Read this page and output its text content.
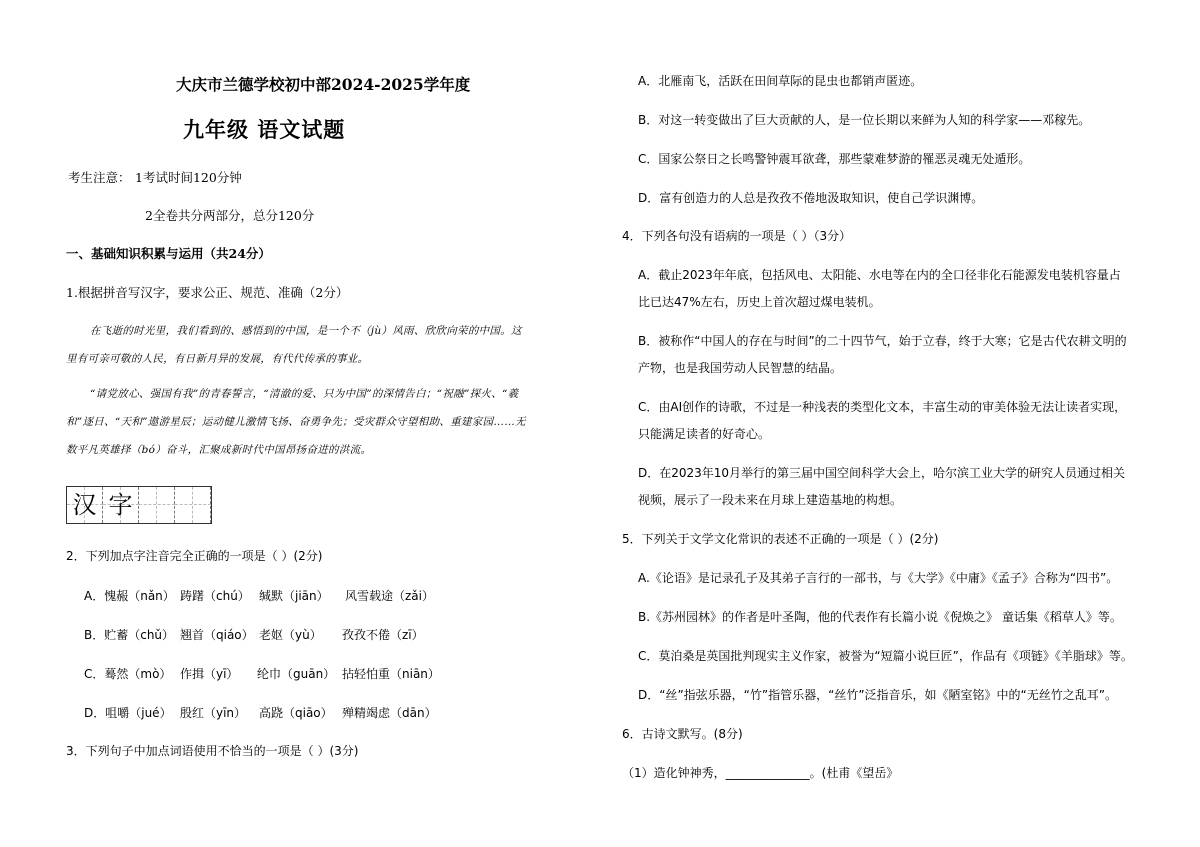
大庆市兰德学校初中部2024-2025学年度
九年级 语文试题
考生注意： 1考试时间120分钟
2全卷共分两部分，总分120分
一、基础知识积累与运用（共24分）
1.根据拼音写汉字，要求公正、规范、准确（2分）
在飞逝的时光里，我们看到的、感悟到的中国，是一个不（jù）风雨、欣欣向荣的中国。这
里有可亲可敬的人民，有日新月异的发展，有代代传承的事业。
“请党放心、强国有我”的青春誓言，“清澈的爱、只为中国”的深情告白；“祝融”探火、“羲
和”逐日、“天和”遨游星辰；运动健儿激情飞扬、奋勇争先；受灾群众守望相助、重建家园……无
数平凡英雄择（bó）奋斗，汇聚成新时代中国昂扬奋进的洪流。
汉 字
2．下列加点字注音完全正确的一项是（ ）(2分)
A．愧赧（nǎn） 踌躇（chú） 缄默（jiān） 风雪载途（zǎi）
B．贮蓄（chǔ） 翘首（qiáo） 老妪（yù） 孜孜不倦（zī）
C．蓦然（mò） 作揖（yī） 纶巾（guān） 拈轻怕重（niān）
D．咀嚼（jué） 殷红（yīn） 高跷（qiāo） 殚精竭虑（dān）
3．下列句子中加点词语使用不恰当的一项是（ ）(3分)
A．北雁南飞，活跃在田间草际的昆虫也都销声匿迹。
B．对这一转变做出了巨大贡献的人，是一位长期以来鲜为人知的科学家——邓稼先。
C．国家公祭日之长鸣警钟震耳欲聋，那些蒙难梦游的罹恶灵魂无处遁形。
D．富有创造力的人总是孜孜不倦地汲取知识，使自己学识渊博。
4．下列各句没有语病的一项是（ ）（3分）
A．截止2023年年底，包括风电、太阳能、水电等在内的全口径非化石能源发电装机容量占
比已达47%左右，历史上首次超过煤电装机。
B．被称作“中国人的存在与时间”的二十四节气，始于立春，终于大寒；它是古代农耕文明的
产物，也是我国劳动人民智慧的结晶。
C．由AI创作的诗歌，不过是一种浅表的类型化文本，丰富生动的审美体验无法让读者实现，
只能满足读者的好奇心。
D．在2023年10月举行的第三届中国空间科学大会上，哈尔滨工业大学的研究人员通过相关
视频，展示了一段未来在月球上建造基地的构想。
5．下列关于文学文化常识的表述不正确的一项是（ ）(2分)
A.《论语》是记录孔子及其弟子言行的一部书，与《大学》《中庸》《孟子》合称为“四书”。
B.《苏州园林》的作者是叶圣陶，他的代表作有长篇小说《倪焕之》 童话集《稻草人》等。
C．莫泊桑是英国批判现实主义作家，被誉为“短篇小说巨匠”，作品有《项链》《羊脂球》等。
D．“丝”指弦乐器，“竹”指管乐器，“丝竹”泛指音乐，如《陋室铭》中的“无丝竹之乱耳”。
6．古诗文默写。(8分)
（1）造化钟神秀，______________。(杜甫《望岳》
